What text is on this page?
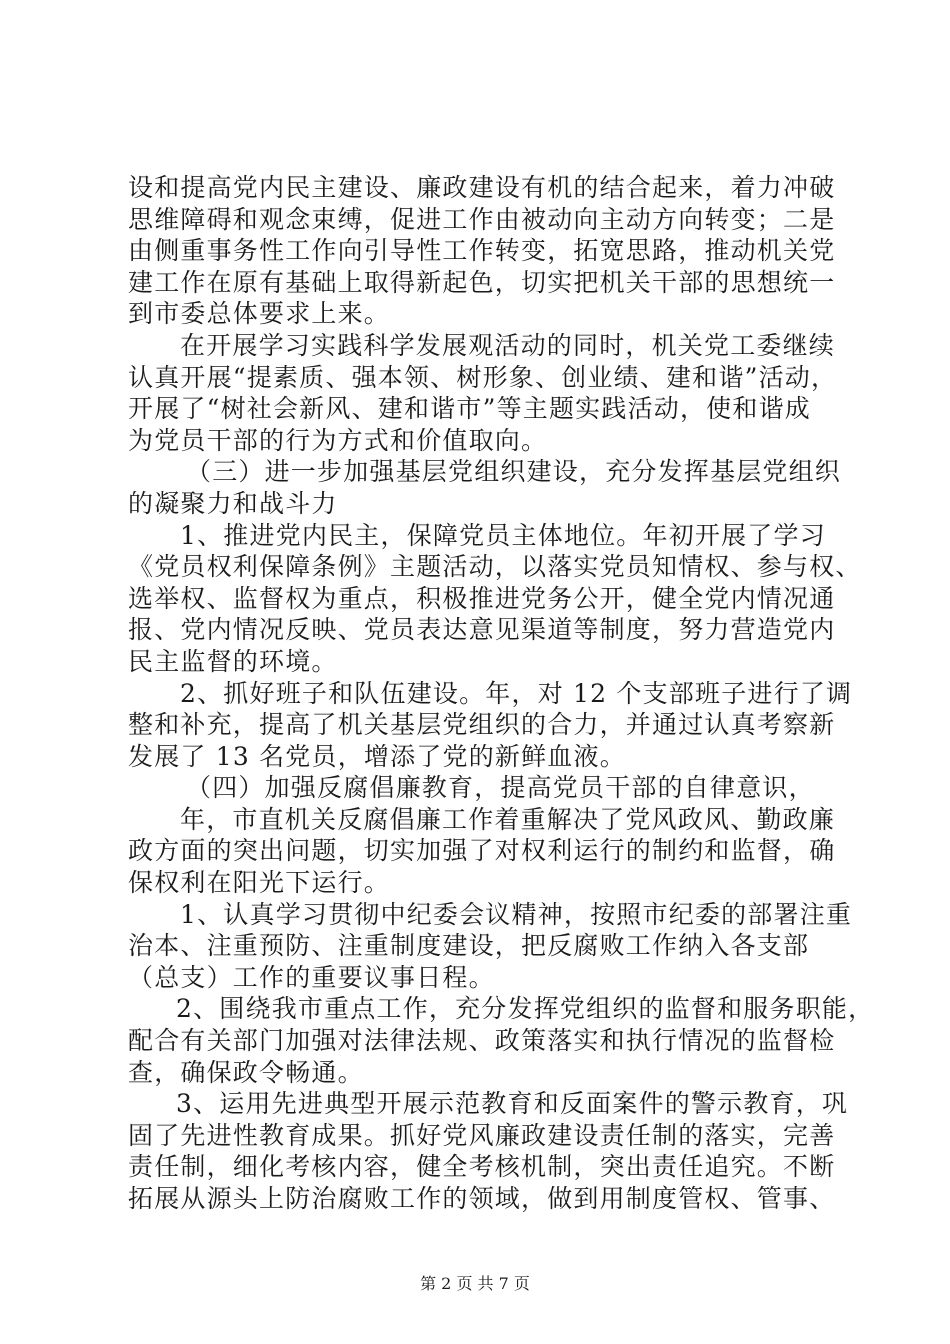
设和提高党内民主建设、廉政建设有机的结合起来，着力冲破
思维障碍和观念束缚，促进工作由被动向主动方向转变；二是
由侧重事务性工作向引导性工作转变，拓宽思路，推动机关党
建工作在原有基础上取得新起色，切实把机关干部的思想统一
到市委总体要求上来。
在开展学习实践科学发展观活动的同时，机关党工委继续
认真开展“提素质、强本领、树形象、创业绩、建和谐”活动，
开展了“树社会新风、建和谐市”等主题实践活动，使和谐成
为党员干部的行为方式和价值取向。
（三）进一步加强基层党组织建设，充分发挥基层党组织
的凝聚力和战斗力
1、推进党内民主，保障党员主体地位。年初开展了学习
《党员权利保障条例》主题活动，以落实党员知情权、参与权、
选举权、监督权为重点，积极推进党务公开，健全党内情况通
报、党内情况反映、党员表达意见渠道等制度，努力营造党内
民主监督的环境。
2、抓好班子和队伍建设。年，对 12 个支部班子进行了调
整和补充，提高了机关基层党组织的合力，并通过认真考察新
发展了 13 名党员，增添了党的新鲜血液。
（四）加强反腐倡廉教育，提高党员干部的自律意识，
年，市直机关反腐倡廉工作着重解决了党风政风、勤政廉
政方面的突出问题，切实加强了对权利运行的制约和监督，确
保权利在阳光下运行。
1、认真学习贯彻中纪委会议精神，按照市纪委的部署注重
治本、注重预防、注重制度建设，把反腐败工作纳入各支部
（总支）工作的重要议事日程。
2、围绕我市重点工作，充分发挥党组织的监督和服务职能，
配合有关部门加强对法律法规、政策落实和执行情况的监督检
查，确保政令畅通。
3、运用先进典型开展示范教育和反面案件的警示教育，巩
固了先进性教育成果。抓好党风廉政建设责任制的落实，完善
责任制，细化考核内容，健全考核机制，突出责任追究。不断
拓展从源头上防治腐败工作的领域，做到用制度管权、管事、
第 2 页 共 7 页
